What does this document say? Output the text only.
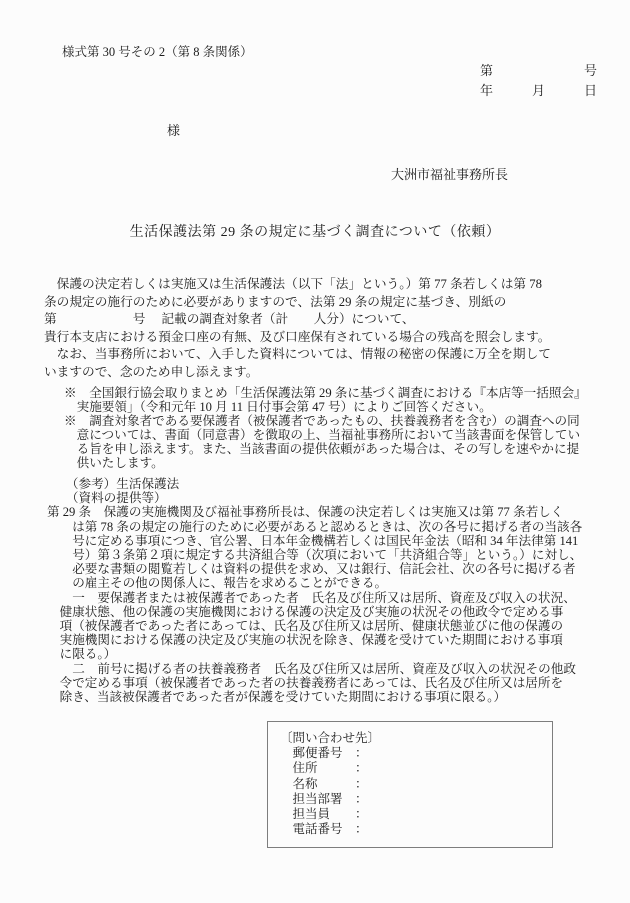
様式第 30 号その 2（第 8 条関係）
第　　　　　　　号
年　　　月　　　日
様
大洲市福祉事務所長
生活保護法第 29 条の規定に基づく調査について（依頼）
　保護の決定若しくは実施又は生活保護法（以下「法」という。）第 77 条若しくは第 78
条の規定の施行のために必要がありますので、法第 29 条の規定に基づき、別紙の
第　　　　　　号　 記載の調査対象者（計　　人分）について、
貴行本支店における預金口座の有無、及び口座保有されている場合の残高を照会します。
　なお、当事務所において、入手した資料については、情報の秘密の保護に万全を期して
いますので、念のため申し添えます。
※　全国銀行協会取りまとめ「生活保護法第 29 条に基づく調査における『本店等一括照会』
　実施要領」（令和元年 10 月 11 日付事会第 47 号）によりご回答ください。
※　調査対象者である要保護者（被保護者であったもの、扶養義務者を含む）の調査への同
　意については、書面（同意書）を徴取の上、当福祉事務所において当該書面を保管してい
　る旨を申し添えます。また、当該書面の提供依頼があった場合は、その写しを速やかに提
　供いたします。
　　（参考）生活保護法
　　（資料の提供等）
第 29 条　保護の実施機関及び福祉事務所長は、保護の決定若しくは実施又は第 77 条若しく
　　は第 78 条の規定の施行のために必要があると認めるときは、次の各号に掲げる者の当該各
　　号に定める事項につき、官公署、日本年金機構若しくは国民年金法（昭和 34 年法律第 141
　　号）第３条第２項に規定する共済組合等（次項において「共済組合等」という。）に対し、
　　必要な書類の閲覧若しくは資料の提供を求め、又は銀行、信託会社、次の各号に掲げる者
　　の雇主その他の関係人に、報告を求めることができる。
　　一　要保護者または被保護者であった者　氏名及び住所又は居所、資産及び収入の状況、
　健康状態、他の保護の実施機関における保護の決定及び実施の状況その他政令で定める事
　項（被保護者であった者にあっては、氏名及び住所又は居所、健康状態並びに他の保護の
　実施機関における保護の決定及び実施の状況を除き、保護を受けていた期間における事項
　に限る。）
　　二　前号に掲げる者の扶養義務者　氏名及び住所又は居所、資産及び収入の状況その他政
　令で定める事項（被保護者であった者の扶養義務者にあっては、氏名及び住所又は居所を
　除き、当該被保護者であった者が保護を受けていた期間における事項に限る。）
〔問い合わせ先〕
　郵便番号　：
　住所　　　：
　名称　　　：
　担当部署　：
　担当員　　：
　電話番号　：
